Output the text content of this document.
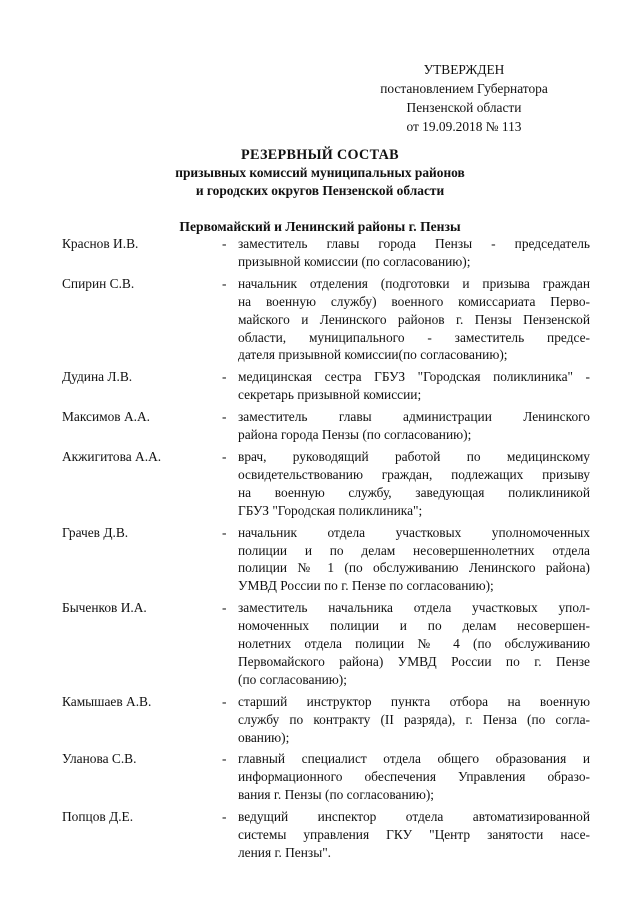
УТВЕРЖДЕН
постановлением Губернатора
Пензенской области
от 19.09.2018 № 113
РЕЗЕРВНЫЙ СОСТАВ
призывных комиссий муниципальных районов
и городских округов Пензенской области
Первомайский и Ленинский районы г. Пензы
Краснов И.В.	- заместитель главы города Пензы - председатель
призывной комиссии (по согласованию);
Спирин С.В.	- начальник отделения (подготовки и призыва граждан
на военную службу) военного комиссариата Перво-
майского и Ленинского районов г. Пензы Пензенской
области, муниципального - заместитель предсе-
дателя призывной комиссии(по согласованию);
Дудина Л.В.	- медицинская сестра ГБУЗ "Городская поликлиника" -
секретарь призывной комиссии;
Максимов А.А.	- заместитель главы администрации Ленинского
района города Пензы (по согласованию);
Акжигитова А.А.	- врач, руководящий работой по медицинскому
освидетельствованию граждан, подлежащих призыву
на военную службу, заведующая поликлиникой
ГБУЗ "Городская поликлиника";
Грачев Д.В.	- начальник отдела участковых уполномоченных
полиции и по делам несовершеннолетних отдела
полиции № 1 (по обслуживанию Ленинского района)
УМВД России по г. Пензе по согласованию);
Быченков И.А.	- заместитель начальника отдела участковых упол-
номоченных полиции и по делам несовершен-
нолетних отдела полиции № 4 (по обслуживанию
Первомайского района) УМВД России по г. Пензе
(по согласованию);
Камышаев А.В.	- старший инструктор пункта отбора на военную
службу по контракту (II разряда), г. Пенза (по согла-
ованию);
Уланова С.В.	- главный специалист отдела общего образования и
информационного обеспечения Управления образо-
вания г. Пензы (по согласованию);
Попцов Д.Е.	- ведущий инспектор отдела автоматизированной
системы управления ГКУ "Центр занятости насе-
ления г. Пензы".
